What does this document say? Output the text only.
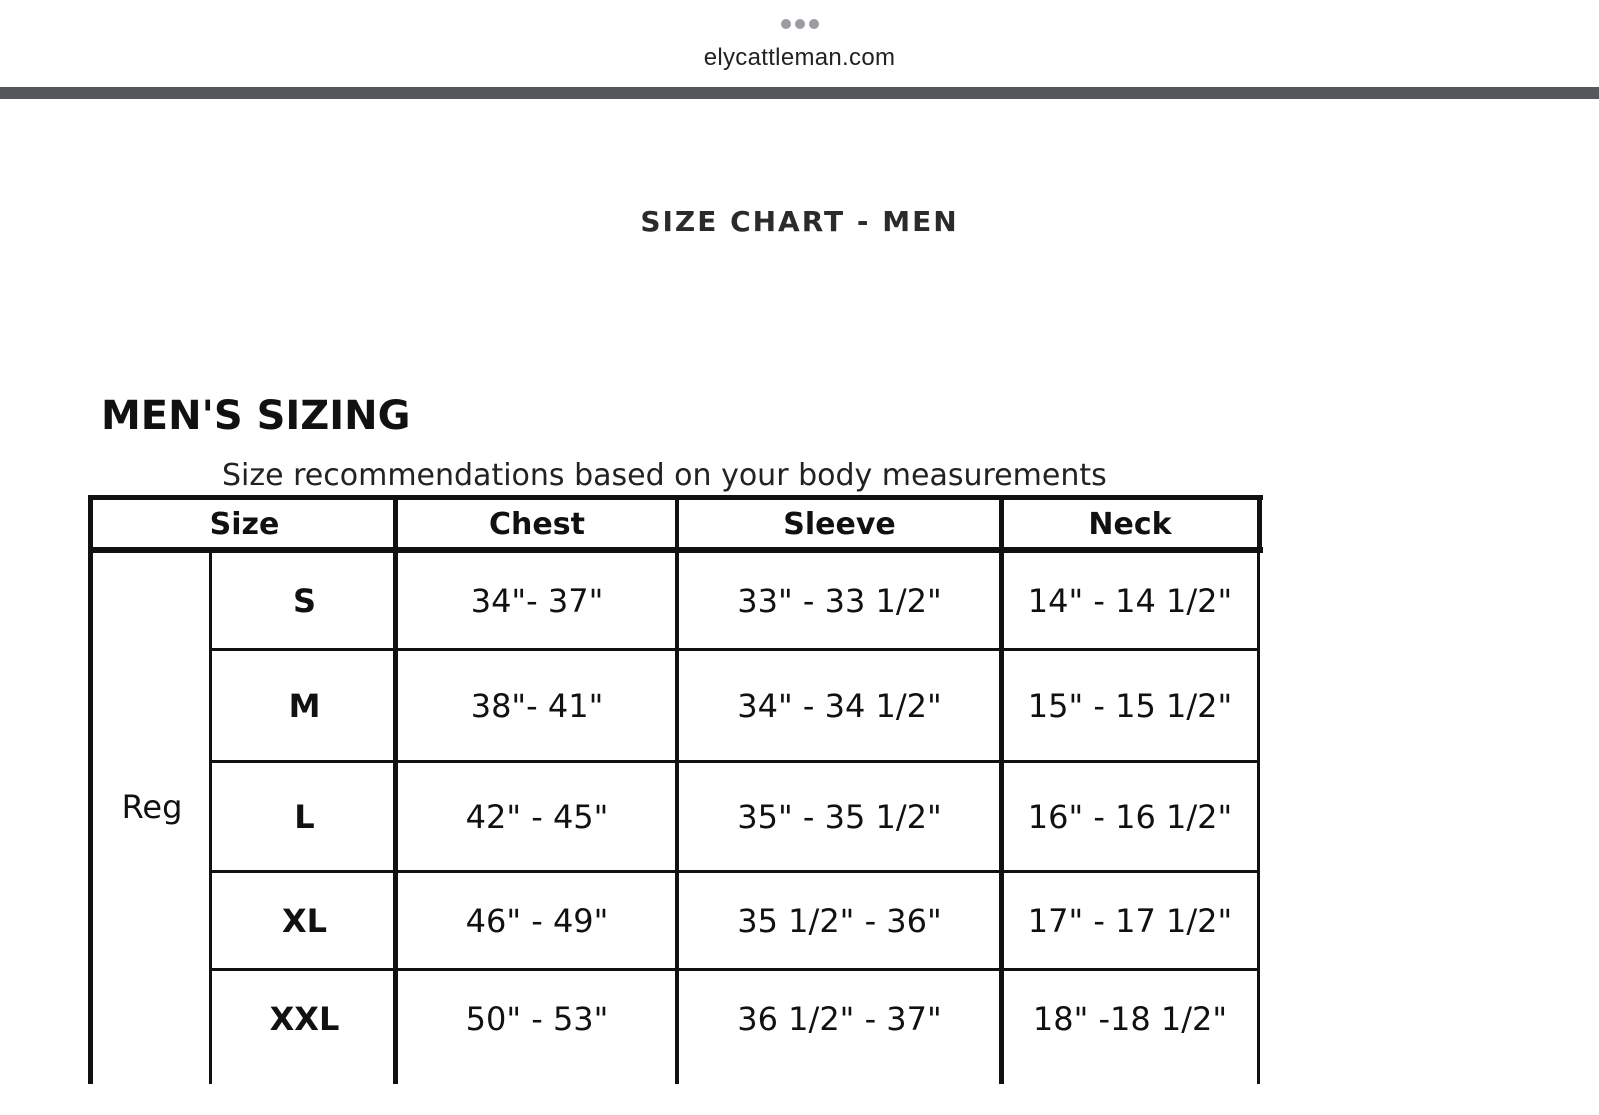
elycattleman.com
SIZE CHART - MEN
MEN'S SIZING
Size recommendations based on your body measurements
Size	Chest	Sleeve	Neck
Reg
S	34"- 37"	33" - 33 1/2"	14" - 14 1/2"
M	38"- 41"	34" - 34 1/2"	15" - 15 1/2"
L	42" - 45"	35" - 35 1/2"	16" - 16 1/2"
XL	46" - 49"	35 1/2" - 36"	17" - 17 1/2"
XXL	50" - 53"	36 1/2" - 37"	18" -18 1/2"
